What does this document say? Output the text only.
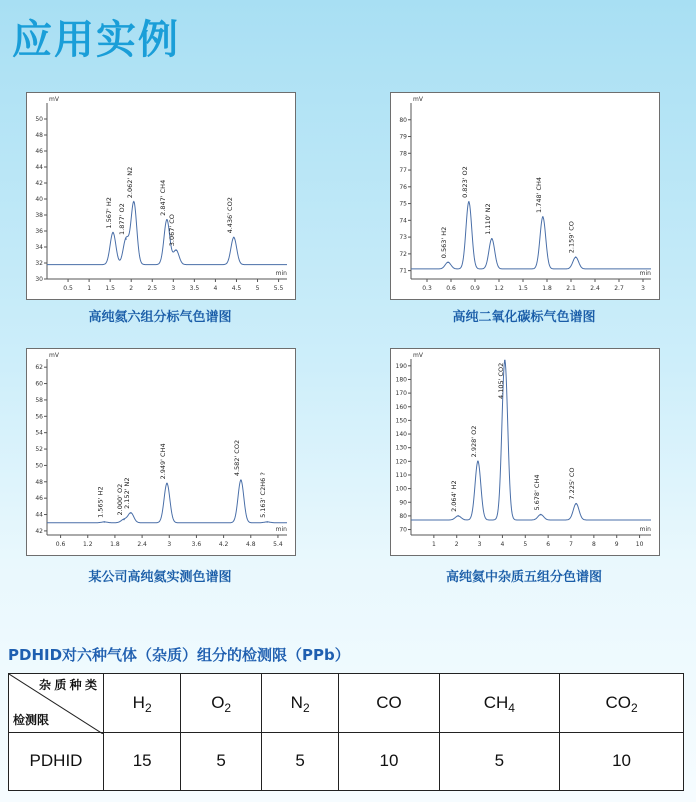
应用实例
30
32
34
36
38
40
42
44
46
48
50
0.5 1 1.5 2 2.5 3 3.5 4 4.5 5 5.5
mV
min
1.567' H2 1.877' O2
2.062' N2	2.847' CH4
3.067' CO	4.436' CO2
高纯氦六组分标气色谱图
71
72
73
74
75
76
77
78
79
80
0.3 0.6 0.9 1.2 1.5 1.8 2.1 2.4 2.7	3
mV
min
0.563' H2
0.823' O2
1.110' N2
1.748' CH4
2.159' CO
高纯二氧化碳标气色谱图
42
44
46
48
50
52
54
56
58
60
62
0.6	1.2	1.8	2.4	3	3.6	4.2	4.8	5.4
mV
min
1.565' H2 2.000' O2
2.152' N2
2.949' CH4	4.582' CO2
5.163' C2H6 ?
某公司高纯氦实测色谱图
70
80
90
100
110
120
130
140
150
160
170
180
190
1	2	3	4	5	6	7	8	9	10
mV
min
2.064' H2
2.928' O2
4.105' CO2
5.678' CH4	7.225' CO
高纯氦中杂质五组分色谱图
PDHID对六种气体（杂质）组分的检测限（PPb）
杂 质 种 类
检测限	$H_2$	$O_2$	$N_2$	CO	$CH_4$	$CO_2$
PDHID	15	5	5	10	5	10
